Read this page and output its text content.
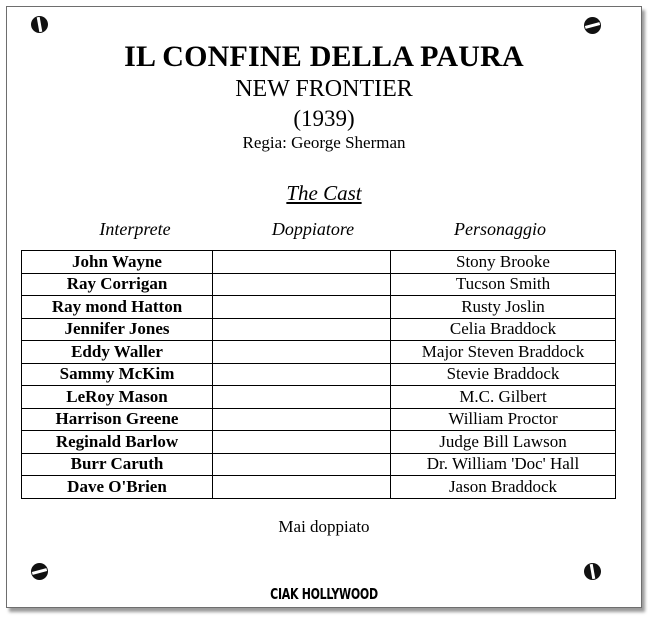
IL CONFINE DELLA PAURA
NEW FRONTIER
(1939)
Regia: George Sherman
The Cast
Interprete	Doppiatore	Personaggio
John Wayne		Stony Brooke
Ray Corrigan		Tucson Smith
Ray mond Hatton		Rusty Joslin
Jennifer Jones		Celia Braddock
Eddy Waller		Major Steven Braddock
Sammy McKim		Stevie Braddock
LeRoy Mason		M.C. Gilbert
Harrison Greene		William Proctor
Reginald Barlow		Judge Bill Lawson
Burr Caruth		Dr. William 'Doc' Hall
Dave O'Brien		Jason Braddock
Mai doppiato
CIAK HOLLYWOOD
